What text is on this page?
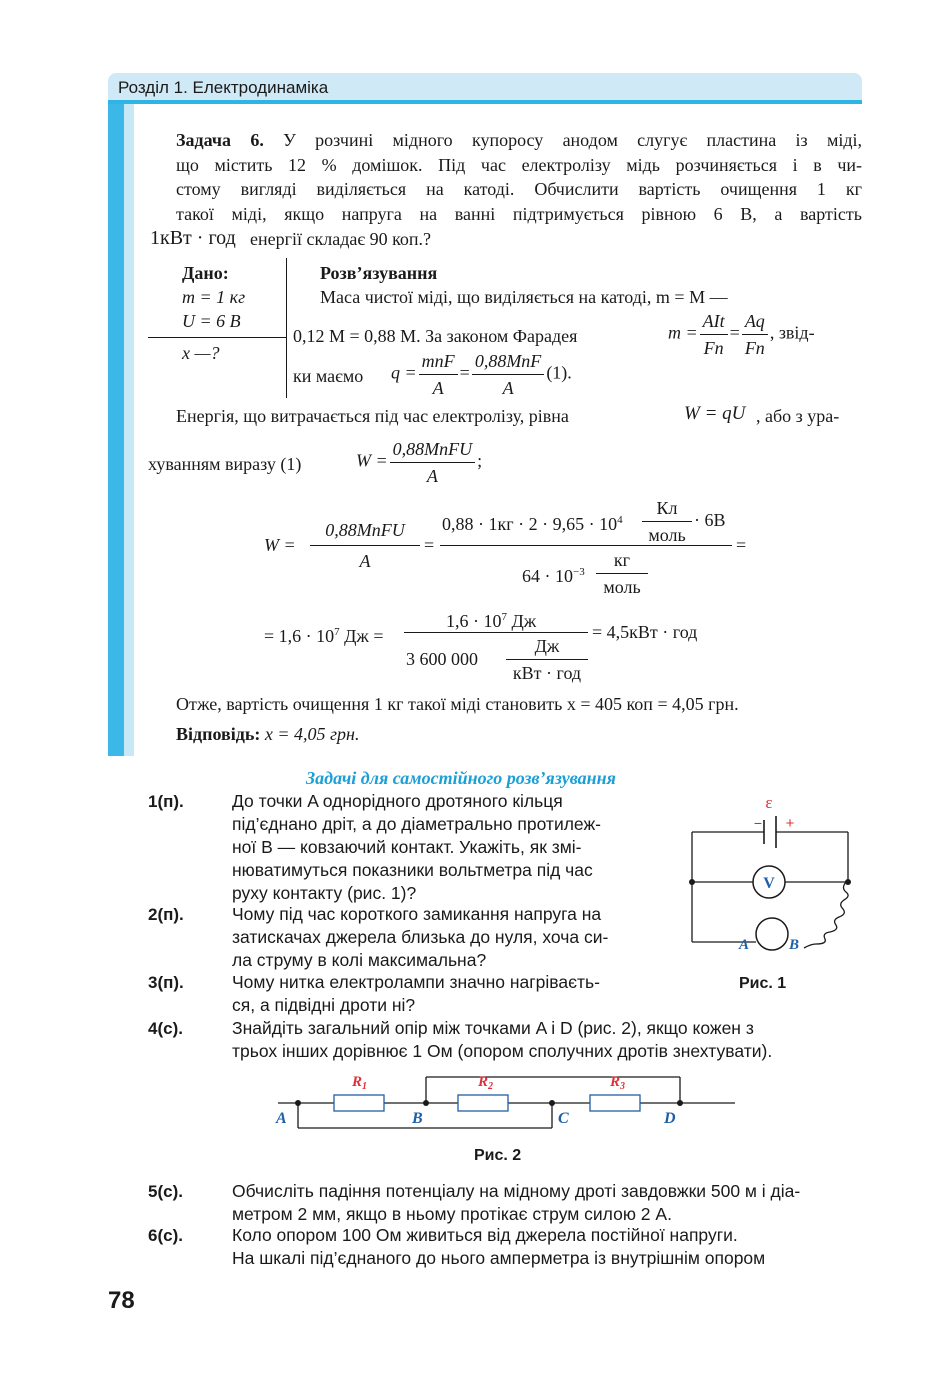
Розділ 1. Електродинаміка
Задача 6. У розчині мідного купоросу анодом слугує пластина із міді,
що містить 12 % домішок. Під час електролізу мідь розчиняється і в чи-
стому вигляді виділяється на катоді. Обчислити вартість очищення 1 кг
такої міді, якщо напруга на ванні підтримується рівною 6 В, а вартість
1кВт · год енергії складає 90 коп.?
Дано:
m = 1 кг
U = 6 В
x —?
Розв’язування
Маса чистої міді, що виділяється на катоді, m = M —
0,12 M = 0,88 M. За законом Фарадея	$m = \frac{\text{AIt}}{Fn} = \frac{Aq}{Fn}$ , звід-
ки маємо $q = \frac{\text{mnF}}{A} = \frac{\text{0,88MnF}}{A} (1)$.
Енергія, що витрачається під час електролізу, рівна	W = qU , або з ура-
хуванням виразу (1)	$W = \frac{\text{0,88MnFU}}{A}$ ;
W =
0,88MnFU
A
=
$0,88 \cdot 1кг \cdot 2 \cdot 9,65 \cdot 10^4$
Кл
моль
· 6В
=
$64 \cdot 10^{-3}$
кг
моль
= $1,6 \cdot 10^7$ Дж =
$1,6 \cdot 10^7$ Дж
3 600 000
Дж
кВт · год
= 4,5кВт · год
Отже, вартість очищення 1 кг такої міді становить x = 405 коп = 4,05 грн.
Відповідь: x = 4,05 грн.
Задачі для самостійного розв’язування
1(п).	До точки A однорідного дротяного кільця
під’єднано дріт, а до діаметрально протилеж-
ної B — ковзаючий контакт. Укажіть, як змі-
нюватимуться показники вольтметра під час
руху контакту (рис. 1)?
2(п).	Чому під час короткого замикання напруга на
затискачах джерела близька до нуля, хоча си-
ла струму в колі максимальна?
3(п).	Чому нитка електролампи значно нагріваєть-
ся, а підвідні дроти ні?
4(с).	Знайдіть загальний опір між точками A і D (рис. 2), якщо кожен з
трьох інших дорівнює 1 Ом (опором сполучних дротів знехтувати).
5(с).	Обчисліть падіння потенціалу на мідному дроті завдовжки 500 м і діа-
метром 2 мм, якщо в ньому протікає струм силою 2 А.
6(с).	Коло опором 100 Ом живиться від джерела постійної напруги.
На шкалі під’єднаного до нього амперметра із внутрішнім опором
ε
− +
V
A	B
Рис. 1
$R_1$	$R_2$	$R_3$
A	B	C	D
Рис. 2
78
